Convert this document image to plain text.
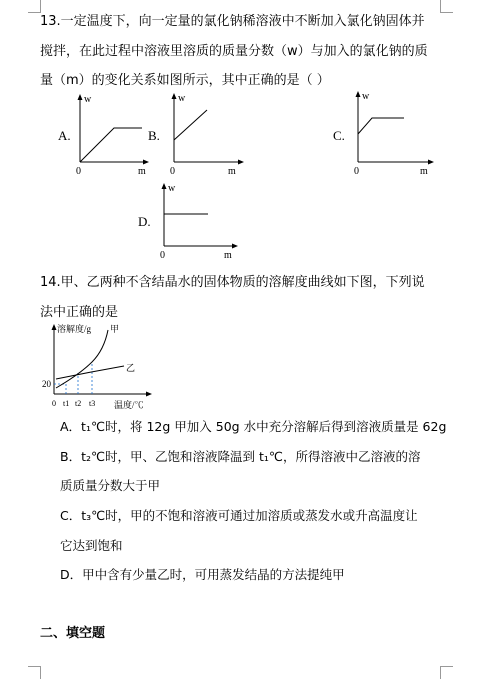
13.一定温度下，向一定量的氯化钠稀溶液中不断加入氯化钠固体并
搅拌，在此过程中溶液里溶质的质量分数（w）与加入的氯化钠的质
量（m）的变化关系如图所示，其中正确的是（ ）
A.
w
0	m
B.
w
0	m
C.
w
0	m
D.
w
0	m
14.甲、乙两种不含结晶水的固体物质的溶解度曲线如下图，下列说
法中正确的是
溶解度/g 甲
乙
20
0 t1 t2 t3 温度/℃
A．t₁℃时，将 12g 甲加入 50g 水中充分溶解后得到溶液质量是 62g
B．t₂℃时，甲、乙饱和溶液降温到 t₁℃，所得溶液中乙溶液的溶
质质量分数大于甲
C．t₃℃时，甲的不饱和溶液可通过加溶质或蒸发水或升高温度让
它达到饱和
D．甲中含有少量乙时，可用蒸发结晶的方法提纯甲
二、填空题
